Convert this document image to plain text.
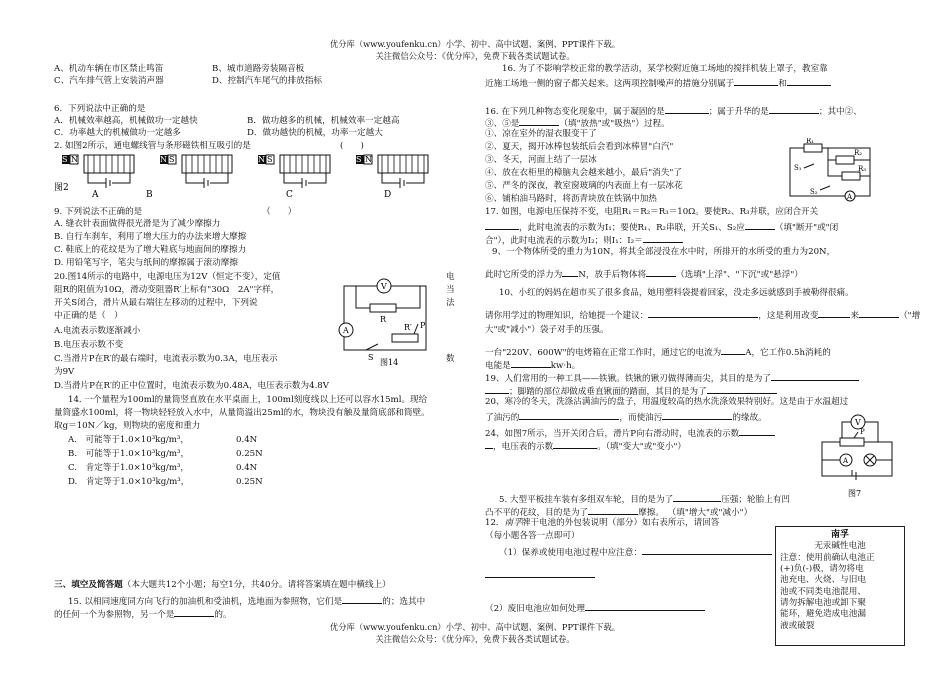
优分库（www.youfenku.cn）小学、初中、高中试题、案例、PPT课件下载。
关注微信公众号：《优分库》，免费下载各类试题试卷。
A、机动车辆在市区禁止鸣笛	B、城市道路旁装隔音板
C、汽车排气管上安装消声器	D、控制汽车尾气的排放指标
6．下列说法中正确的是
A．机械效率越高，机械做功一定越快	B．做功越多的机械，机械效率一定越高
C．功率越大的机械做功一定越多	D．做功越快的机械，功率一定越大
2. 如图2所示，通电螺线管与条形磁铁相互吸引的是	(　　)
图2
S N
A
N S
B
N S
C
S N
D
9. 下列说法不正确的是	（　　）
A. 缝衣针表面做得很光滑是为了减少摩擦力
B. 自行车刹车，利用了增大压力的办法来增大摩擦
C. 鞋底上的花纹是为了增大鞋底与地面间的摩擦力
D. 用铅笔写字，笔尖与纸间的摩擦属于滚动摩擦
20.图14所示的电路中，电源电压为12V（恒定不变），定值
阻R的阻值为10Ω，滑动变阻器R′上标有"30Ω　2A"字样，
开关S闭合，滑片从最右端往左移动的过程中，下列说
中正确的是（　）
电
当
法
A.电流表示数逐渐减小
B.电压表示数不变
C.当滑片P在R′的最右端时，电流表示数为0.3A，电压表示	数
为9V
D.当滑片P在R′的正中位置时，电流表示数为0.48A，电压表示数为4.8V
V
R
A	R′ P
S
图14
14. 一个量程为100ml的量筒竖直放在水平桌面上，100ml刻度线以上还可以容水15ml。现给
量筒盛水100ml，将一物块轻轻放入水中，从量筒溢出25ml的水，物块没有触及量筒底部和筒壁。
取g＝10N／kg，则物块的密度和重力
A.　可能等于1.0×10³kg/m³，	0.4N
B.　可能等于1.0×10³kg/m³，	0.25N
C.　肯定等于1.0×10³kg/m³，	0.4N
D.　肯定等于1.0×10³kg/m³，	0.25N
三、填空及简答题（本大题共12个小题；每空1分，共40分。请将答案填在题中横线上）
15. 以相同速度同方向飞行的加油机和受油机，选地面为参照物，它们是	的；选其中
的任何一个为参照物，另一个是	的。
16. 为了不影响学校正常的教学活动，某学校附近施工场地的搅拌机装上罩子，教室靠
近施工场地一侧的窗子都关起来。这两项控制噪声的措施分别属于	和
16. 在下列几种物态变化现象中，属于凝固的是	；属于升华的是	；其中②、
③、⑤是	（填"放热"或"吸热"）过程。
①、凉在室外的湿衣服变干了
②、夏天，揭开冰棒包装纸后会看到冰棒冒"白汽"
③、冬天，河面上结了一层冰
④、放在衣柜里的樟脑丸会越来越小，最后"消失"了
⑤、严冬的深夜，教室窗玻璃的内表面上有一层冰花
⑥、铺柏油马路时，将沥青块放在铁锅中加热
R₁
R₂
S₁	R₃
S₂
A
17. 如图，电源电压保持不变，电阻R₁＝R₂＝R₃＝10Ω。要使R₂、R₃并联，应闭合开关
，此时电流表的示数为I₁；要使R₁、R₂串联，开关S₁、S₂应	（填"断开"或"闭
合"），此时电流表的示数为I₂；则I₁：I₂＝
9、一个物体所受的重力为10N，将其全部浸没在水中时，所排开的水所受的重力为20N，
此时它所受的浮力为 N，放手后物体将	（选填"上浮"、"下沉"或"悬浮"）
10、小红的妈妈在超市买了很多食品，她用塑料袋提着回家，没走多远就感到手被勒得很痛。
请你用学过的物理知识，给她提一个建议：	，这是利用改变	来	（"增
大"或"减小"）袋子对手的压强。
一台"220V、600W"的电烤箱在正常工作时，通过它的电流为	A，它工作0.5h消耗的
电能是	kw·h。
19、人们常用的一种工具——铁锹。铁锹的锹刃做得薄而尖，其目的是为了
；脚踏的部位却做成垂直锹面的踏面，其目的是为了
20、寒冷的冬天，洗涤沾满油污的盘子，用温度较高的热水洗涤效果特别好。这是由于水温超过
了油污的	，而使油污	的缘故。
24、如图7所示，当开关闭合后，滑片P向右滑动时，电流表的示数
，电压表的示数	。（填"变大"或"变小"）
V
P
A
图7
5. 大型平板挂车装有多组双车轮，目的是为了	压强；轮胎上有凹
凸不平的花纹，目的是为了	摩擦。 （填"增大"或"减小"）
12．南孚牌干电池的外包装说明（部分）如右表所示，请回答
（每小题各答一点即可）
（1）保养或使用电池过程中应注意：
（2）废旧电池应如何处理
南孚
无汞碱性电池
注意：使用前确认电池正
(+)负(-)极，请勿将电
池充电、火烧、与旧电
池或不同类电池混用、
请勿拆解电池或卸下聚
能环，避免造成电池漏
液或破裂
优分库（www.youfenku.cn）小学、初中、高中试题、案例、PPT课件下载。
关注微信公众号：《优分库》，免费下载各类试题试卷。
